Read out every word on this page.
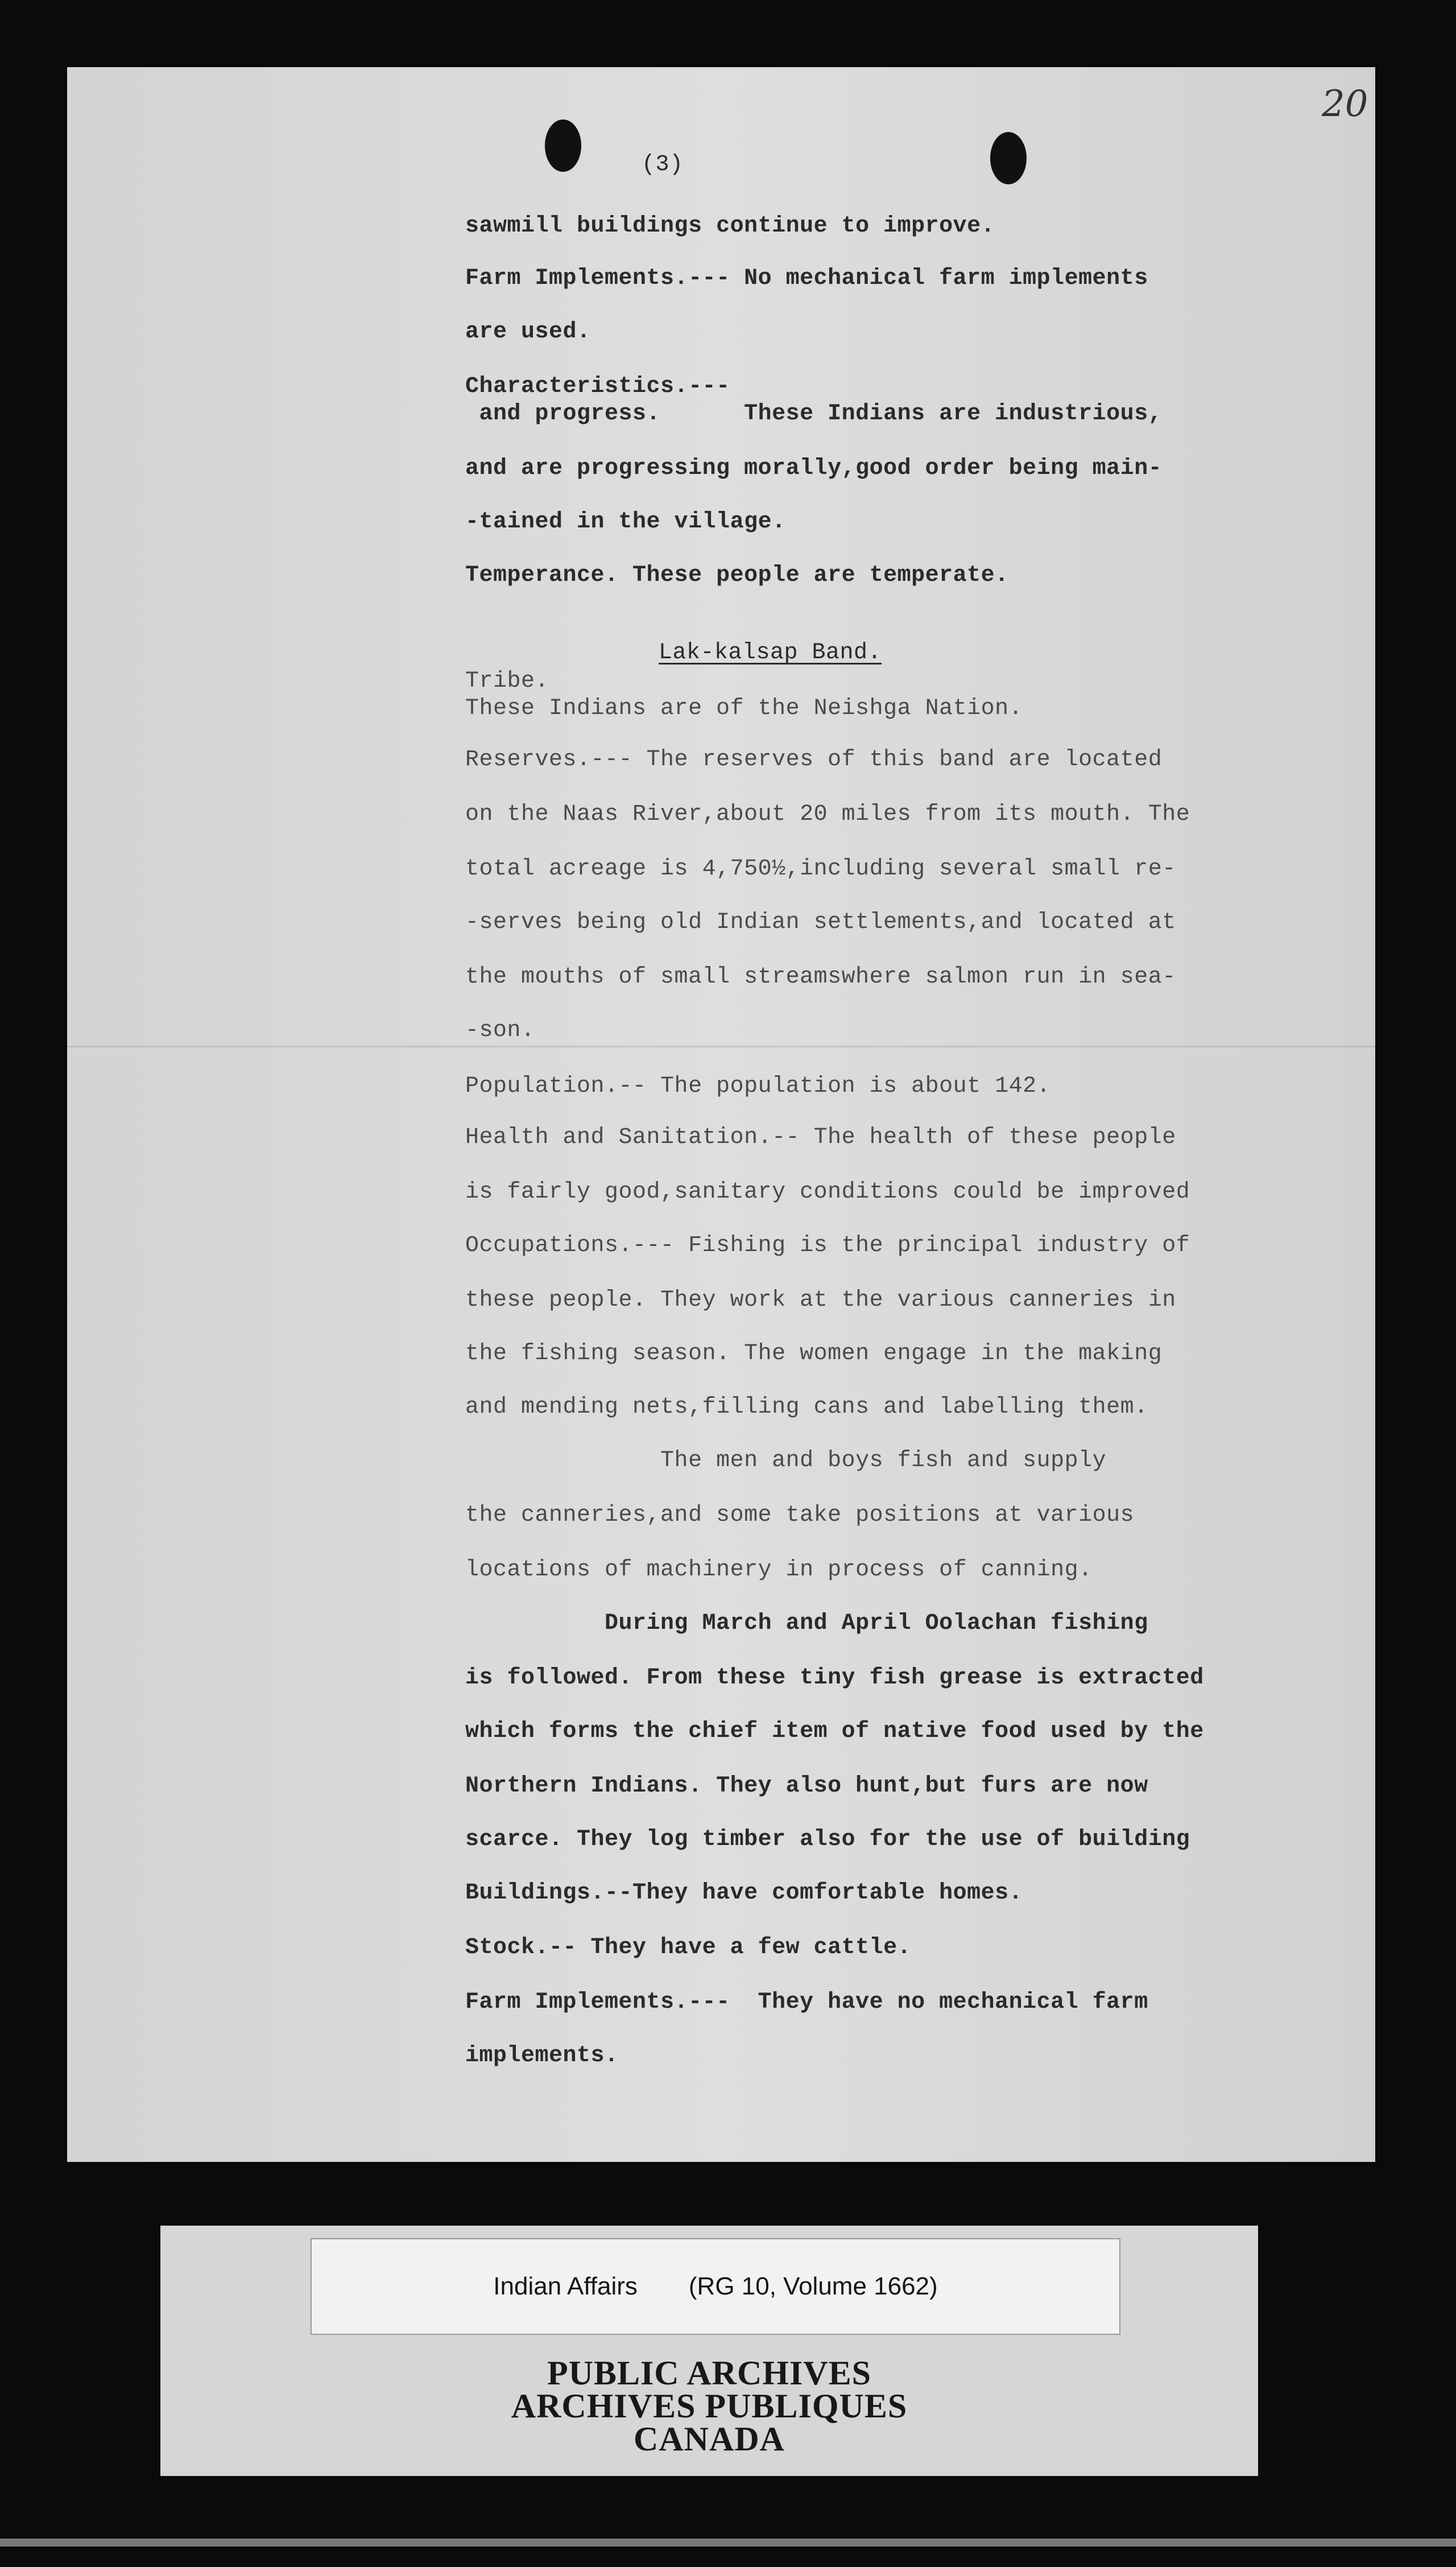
20
(3)
sawmill buildings continue to improve.
Farm Implements.--- No mechanical farm implements
are used.
Characteristics.---
and progress.      These Indians are industrious,
and are progressing morally,good order being main-
-tained in the village.
Temperance. These people are temperate.
Lak-kalsap Band.
Tribe.
These Indians are of the Neishga Nation.
Reserves.--- The reserves of this band are located
on the Naas River,about 20 miles from its mouth. The
total acreage is 4,750½,including several small re-
-serves being old Indian settlements,and located at
the mouths of small streamswhere salmon run in sea-
-son.
Population.-- The population is about 142.
Health and Sanitation.-- The health of these people
is fairly good,sanitary conditions could be improved
Occupations.--- Fishing is the principal industry of
these people. They work at the various canneries in
the fishing season. The women engage in the making
and mending nets,filling cans and labelling them.
The men and boys fish and supply
the canneries,and some take positions at various
locations of machinery in process of canning.
During March and April Oolachan fishing
is followed. From these tiny fish grease is extracted
which forms the chief item of native food used by the
Northern Indians. They also hunt,but furs are now
scarce. They log timber also for the use of building
Buildings.--They have comfortable homes.
Stock.-- They have a few cattle.
Farm Implements.---  They have no mechanical farm
implements.
Indian Affairs (RG 10, Volume 1662)
PUBLIC ARCHIVES
ARCHIVES PUBLIQUES
CANADA
